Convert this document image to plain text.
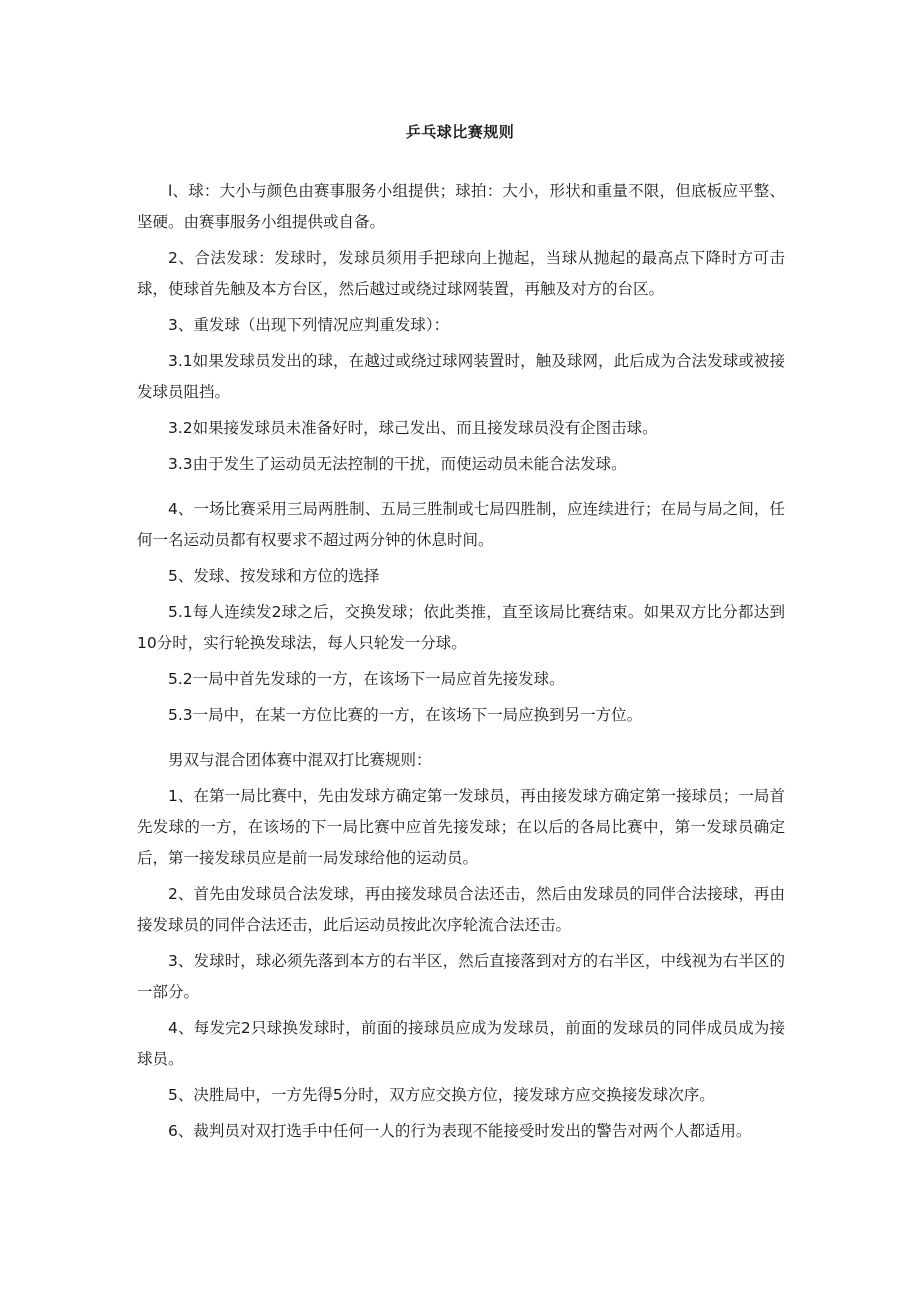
乒乓球比赛规则

l、球：大小与颜色由赛事服务小组提供；球拍：大小，形状和重量不限，但底板应平整、坚硬。由赛事服务小组提供或自备。

2、合法发球：发球时，发球员须用手把球向上抛起，当球从抛起的最高点下降时方可击球，使球首先触及本方台区，然后越过或绕过球网装置，再触及对方的台区。

3、重发球（出现下列情况应判重发球）：

3.1如果发球员发出的球，在越过或绕过球网装置时，触及球网，此后成为合法发球或被接发球员阻挡。

3.2如果接发球员未准备好时，球己发出、而且接发球员没有企图击球。

3.3由于发生了运动员无法控制的干扰，而使运动员未能合法发球。

4、一场比赛采用三局两胜制、五局三胜制或七局四胜制，应连续进行；在局与局之间，任何一名运动员都有权要求不超过两分钟的休息时间。

5、发球、按发球和方位的选择

5.1每人连续发2球之后，交换发球；依此类推，直至该局比赛结束。如果双方比分都达到10分时，实行轮换发球法，每人只轮发一分球。

5.2一局中首先发球的一方，在该场下一局应首先接发球。

5.3一局中，在某一方位比赛的一方，在该场下一局应换到另一方位。

男双与混合团体赛中混双打比赛规则：

1、在第一局比赛中，先由发球方确定第一发球员，再由接发球方确定第一接球员；一局首先发球的一方，在该场的下一局比赛中应首先接发球；在以后的各局比赛中，第一发球员确定后，第一接发球员应是前一局发球给他的运动员。

2、首先由发球员合法发球，再由接发球员合法还击，然后由发球员的同伴合法接球，再由接发球员的同伴合法还击，此后运动员按此次序轮流合法还击。

3、发球时，球必须先落到本方的右半区，然后直接落到对方的右半区，中线视为右半区的一部分。

4、每发完2只球换发球时，前面的接球员应成为发球员，前面的发球员的同伴成员成为接球员。

5、决胜局中，一方先得5分时，双方应交换方位，接发球方应交换接发球次序。

6、裁判员对双打选手中任何一人的行为表现不能接受时发出的警告对两个人都适用。
